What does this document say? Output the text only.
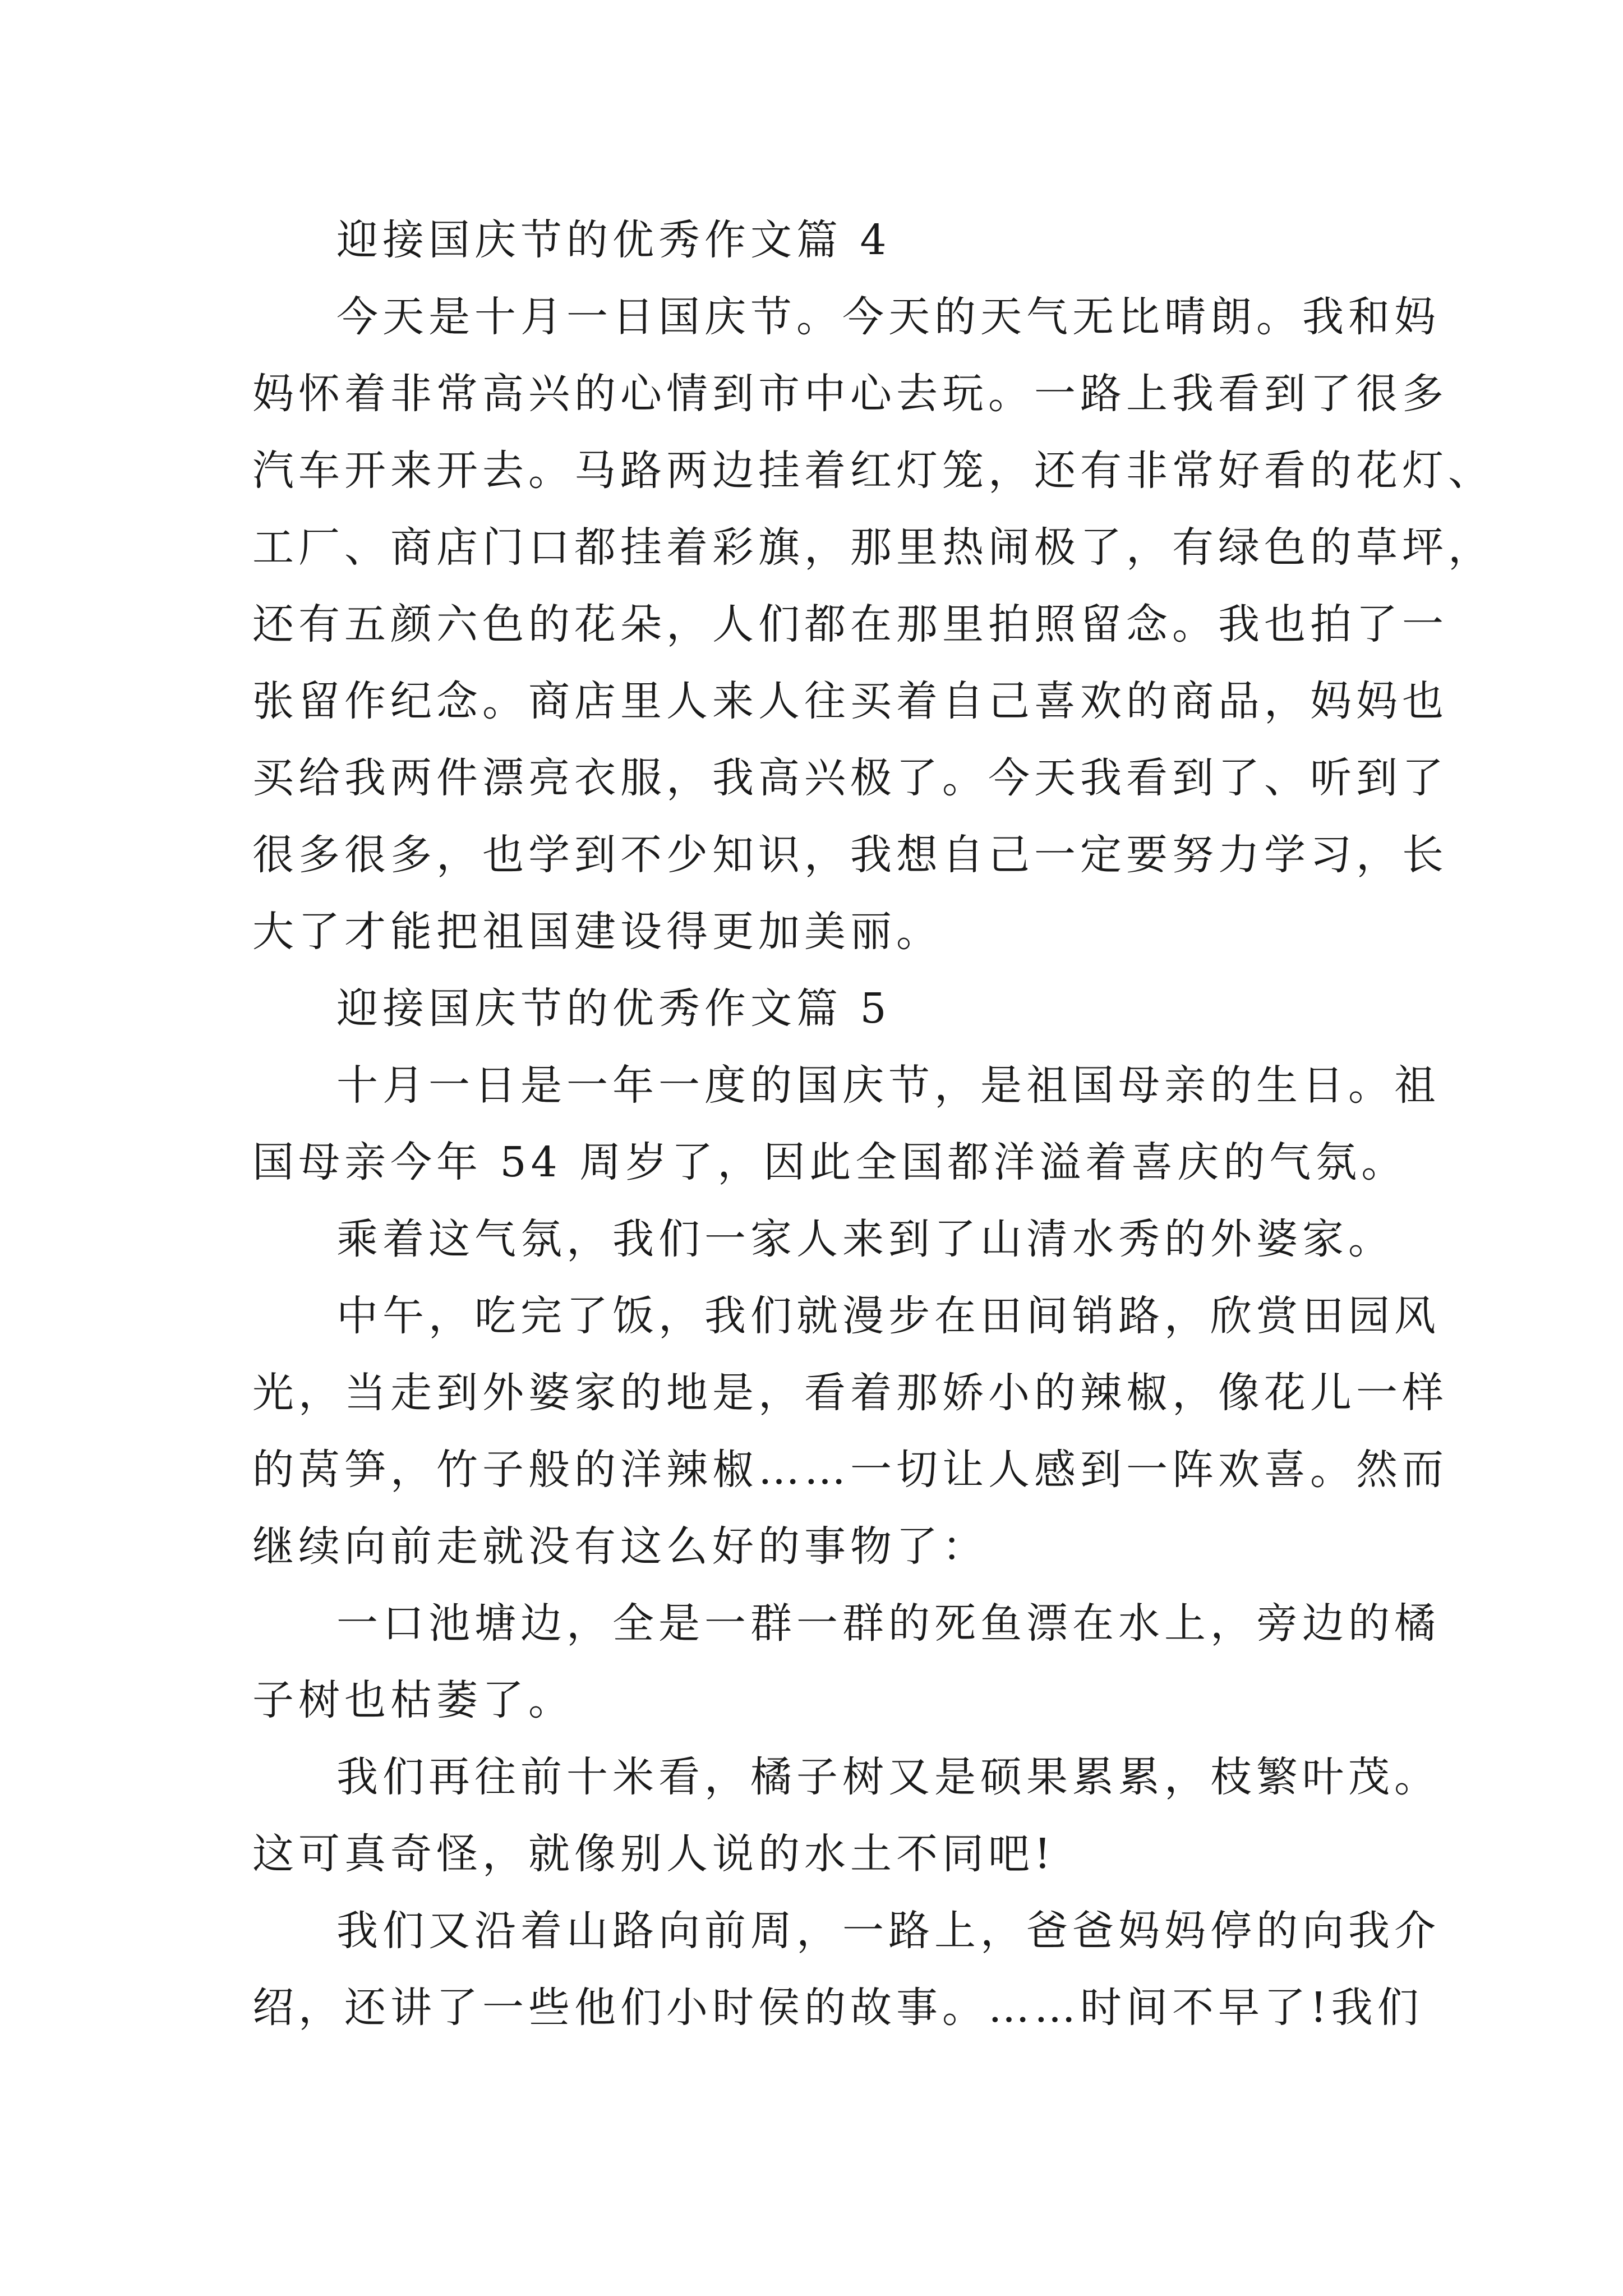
迎接国庆节的优秀作文篇 4
今天是十月一日国庆节。今天的天气无比晴朗。我和妈
妈怀着非常高兴的心情到市中心去玩。一路上我看到了很多
汽车开来开去。马路两边挂着红灯笼，还有非常好看的花灯、
工厂、商店门口都挂着彩旗，那里热闹极了，有绿色的草坪，
还有五颜六色的花朵，人们都在那里拍照留念。我也拍了一
张留作纪念。商店里人来人往买着自己喜欢的商品，妈妈也
买给我两件漂亮衣服，我高兴极了。今天我看到了、听到了
很多很多，也学到不少知识，我想自己一定要努力学习，长
大了才能把祖国建设得更加美丽。
迎接国庆节的优秀作文篇 5
十月一日是一年一度的国庆节，是祖国母亲的生日。祖
国母亲今年 54 周岁了，因此全国都洋溢着喜庆的气氛。
乘着这气氛，我们一家人来到了山清水秀的外婆家。
中午，吃完了饭，我们就漫步在田间销路，欣赏田园风
光，当走到外婆家的地是，看着那娇小的辣椒，像花儿一样
的莴笋，竹子般的洋辣椒……一切让人感到一阵欢喜。然而
继续向前走就没有这么好的事物了：
一口池塘边，全是一群一群的死鱼漂在水上，旁边的橘
子树也枯萎了。
我们再往前十米看，橘子树又是硕果累累，枝繁叶茂。
这可真奇怪，就像别人说的水土不同吧!
我们又沿着山路向前周，一路上，爸爸妈妈停的向我介
绍，还讲了一些他们小时侯的故事。……时间不早了!我们
